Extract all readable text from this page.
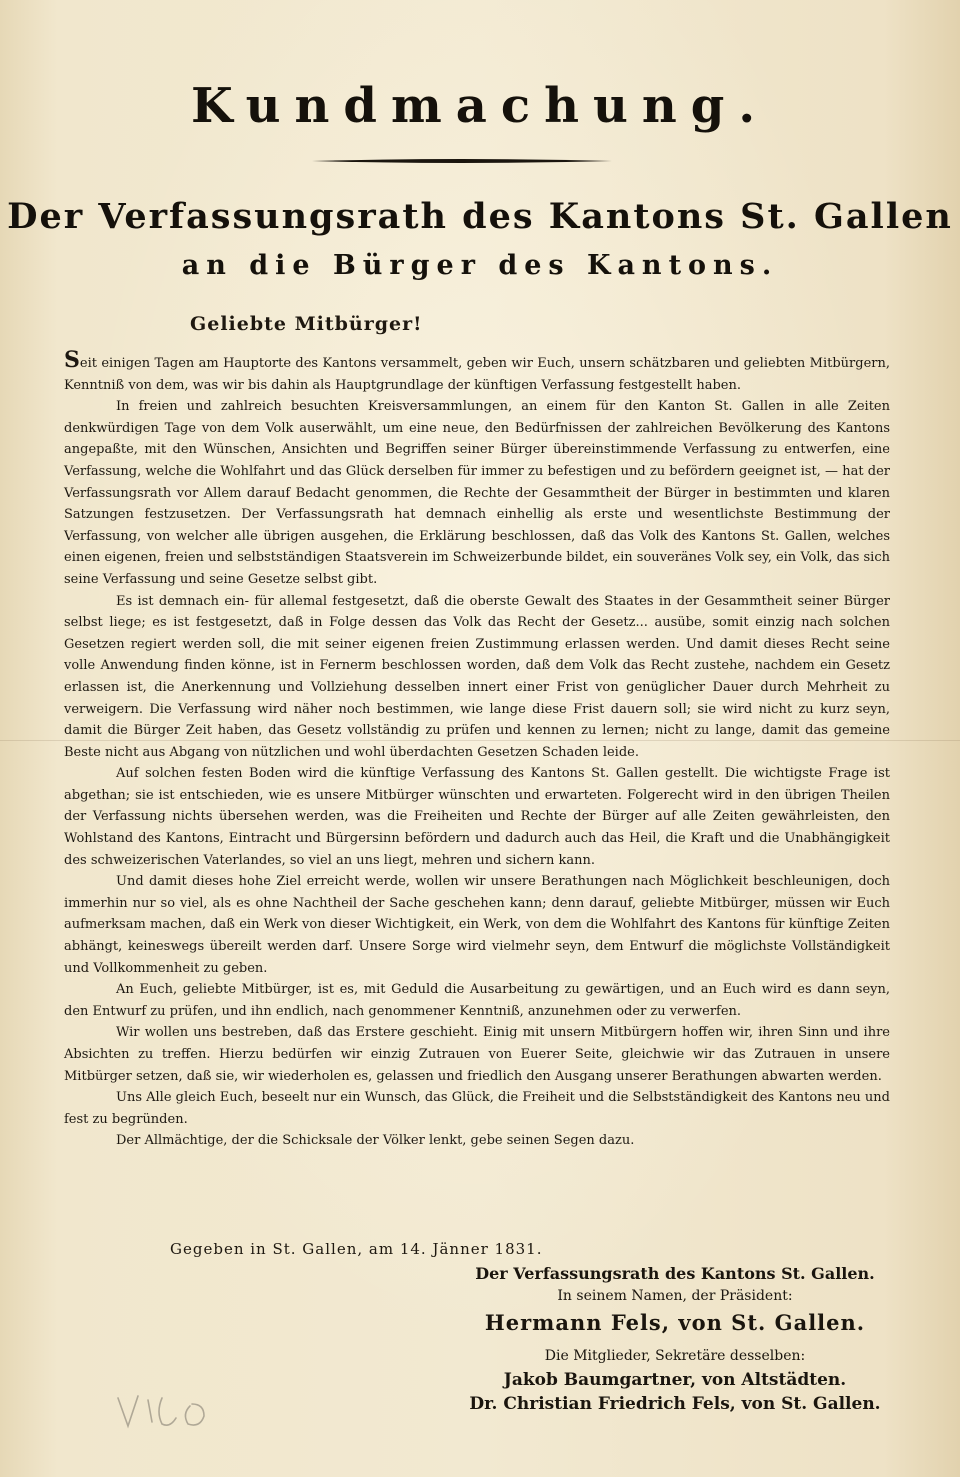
Kundmachung.
Der Verfassungsrath des Kantons St. Gallen
an die Bürger des Kantons.
Geliebte Mitbürger!

Seit einigen Tagen am Hauptorte des Kantons versammelt, geben wir Euch, unsern schätzbaren und geliebten Mitbürgern, Kenntniß von dem, was wir bis dahin als Hauptgrundlage der künftigen Verfassung festgestellt haben.

In freien und zahlreich besuchten Kreisversammlungen, an einem für den Kanton St. Gallen in alle Zeiten denkwürdigen Tage von dem Volk auserwählt, um eine neue, den Bedürfnissen der zahlreichen Bevölkerung des Kantons angepaßte, mit den Wünschen, Ansichten und Begriffen seiner Bürger übereinstimmende Verfassung zu entwerfen, eine Verfassung, welche die Wohlfahrt und das Glück derselben für immer zu befestigen und zu befördern geeignet ist, — hat der Verfassungsrath vor Allem darauf Bedacht genommen, die Rechte der Gesammtheit der Bürger in bestimmten und klaren Satzungen festzusetzen. Der Verfassungsrath hat demnach einhellig als erste und wesentlichste Bestimmung der Verfassung, von welcher alle übrigen ausgehen, die Erklärung beschlossen, daß das Volk des Kantons St. Gallen, welches einen eigenen, freien und selbstständigen Staatsverein im Schweizerbunde bildet, ein souveränes Volk sey, ein Volk, das sich seine Verfassung und seine Gesetze selbst gibt.

Es ist demnach ein- für allemal festgesetzt, daß die oberste Gewalt des Staates in der Gesammtheit seiner Bürger selbst liege; es ist festgesetzt, daß in Folge dessen das Volk das Recht der Gesetz... ausübe, somit einzig nach solchen Gesetzen regiert werden soll, die mit seiner eigenen freien Zustimmung erlassen werden. Und damit dieses Recht seine volle Anwendung finden könne, ist in Fernerm beschlossen worden, daß dem Volk das Recht zustehe, nachdem ein Gesetz erlassen ist, die Anerkennung und Vollziehung desselben innert einer Frist von genüglicher Dauer durch Mehrheit zu verweigern. Die Verfassung wird näher noch bestimmen, wie lange diese Frist dauern soll; sie wird nicht zu kurz seyn, damit die Bürger Zeit haben, das Gesetz vollständig zu prüfen und kennen zu lernen; nicht zu lange, damit das gemeine Beste nicht aus Abgang von nützlichen und wohl überdachten Gesetzen Schaden leide.

Auf solchen festen Boden wird die künftige Verfassung des Kantons St. Gallen gestellt. Die wichtigste Frage ist abgethan; sie ist entschieden, wie es unsere Mitbürger wünschten und erwarteten. Folgerecht wird in den übrigen Theilen der Verfassung nichts übersehen werden, was die Freiheiten und Rechte der Bürger auf alle Zeiten gewährleisten, den Wohlstand des Kantons, Eintracht und Bürgersinn befördern und dadurch auch das Heil, die Kraft und die Unabhängigkeit des schweizerischen Vaterlandes, so viel an uns liegt, mehren und sichern kann.

Und damit dieses hohe Ziel erreicht werde, wollen wir unsere Berathungen nach Möglichkeit beschleunigen, doch immerhin nur so viel, als es ohne Nachtheil der Sache geschehen kann; denn darauf, geliebte Mitbürger, müssen wir Euch aufmerksam machen, daß ein Werk von dieser Wichtigkeit, ein Werk, von dem die Wohlfahrt des Kantons für künftige Zeiten abhängt, keineswegs übereilt werden darf. Unsere Sorge wird vielmehr seyn, dem Entwurf die möglichste Vollständigkeit und Vollkommenheit zu geben.

An Euch, geliebte Mitbürger, ist es, mit Geduld die Ausarbeitung zu gewärtigen, und an Euch wird es dann seyn, den Entwurf zu prüfen, und ihn endlich, nach genommener Kenntniß, anzunehmen oder zu verwerfen.

Wir wollen uns bestreben, daß das Erstere geschieht. Einig mit unsern Mitbürgern hoffen wir, ihren Sinn und ihre Absichten zu treffen. Hierzu bedürfen wir einzig Zutrauen von Euerer Seite, gleichwie wir das Zutrauen in unsere Mitbürger setzen, daß sie, wir wiederholen es, gelassen und friedlich den Ausgang unserer Berathungen abwarten werden.

Uns Alle gleich Euch, beseelt nur ein Wunsch, das Glück, die Freiheit und die Selbstständigkeit des Kantons neu und fest zu begründen.

Der Allmächtige, der die Schicksale der Völker lenkt, gebe seinen Segen dazu.

Gegeben in St. Gallen, am 14. Jänner 1831.
Der Verfassungsrath des Kantons St. Gallen.
In seinem Namen, der Präsident:
Hermann Fels, von St. Gallen.
Die Mitglieder, Sekretäre desselben:
Jakob Baumgartner, von Altstädten.
Dr. Christian Friedrich Fels, von St. Gallen.
